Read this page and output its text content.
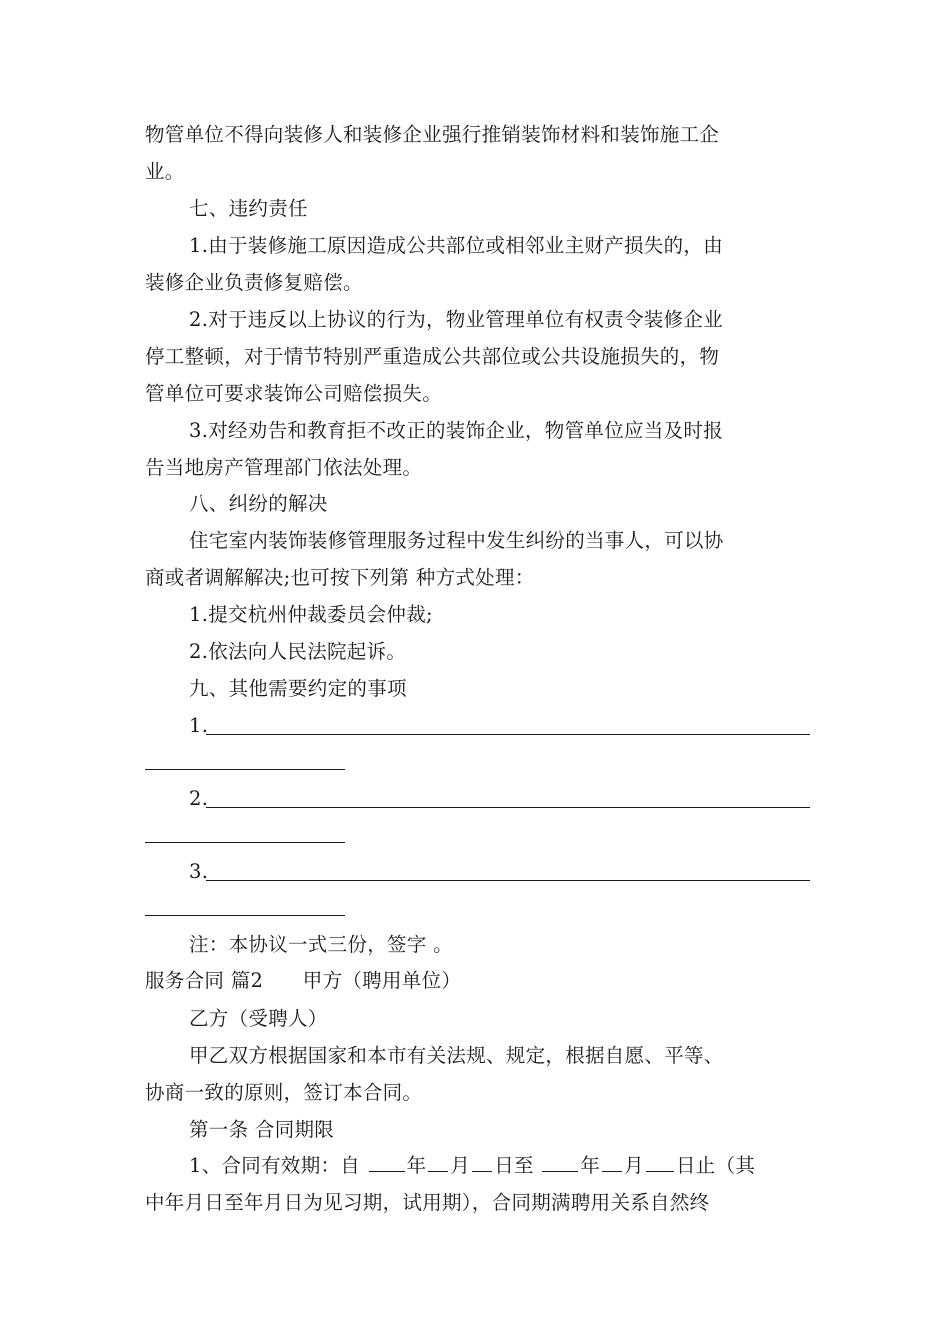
物管单位不得向装修人和装修企业强行推销装饰材料和装饰施工企
业。
七、违约责任
1.由于装修施工原因造成公共部位或相邻业主财产损失的，由
装修企业负责修复赔偿。
2.对于违反以上协议的行为，物业管理单位有权责令装修企业
停工整顿，对于情节特别严重造成公共部位或公共设施损失的，物
管单位可要求装饰公司赔偿损失。
3.对经劝告和教育拒不改正的装饰企业，物管单位应当及时报
告当地房产管理部门依法处理。
八、纠纷的解决
住宅室内装饰装修管理服务过程中发生纠纷的当事人，可以协
商或者调解解决;也可按下列第 种方式处理：
1.提交杭州仲裁委员会仲裁;
2.依法向人民法院起诉。
九、其他需要约定的事项
1.
2.
3.
注：本协议一式三份，签字 。
服务合同 篇2　　甲方（聘用单位）
乙方（受聘人）
甲乙双方根据国家和本市有关法规、规定，根据自愿、平等、
协商一致的原则，签订本合同。
第一条 合同期限
1、合同有效期：自 年 月 日至 年 月 日止（其
中年月日至年月日为见习期，试用期），合同期满聘用关系自然终
